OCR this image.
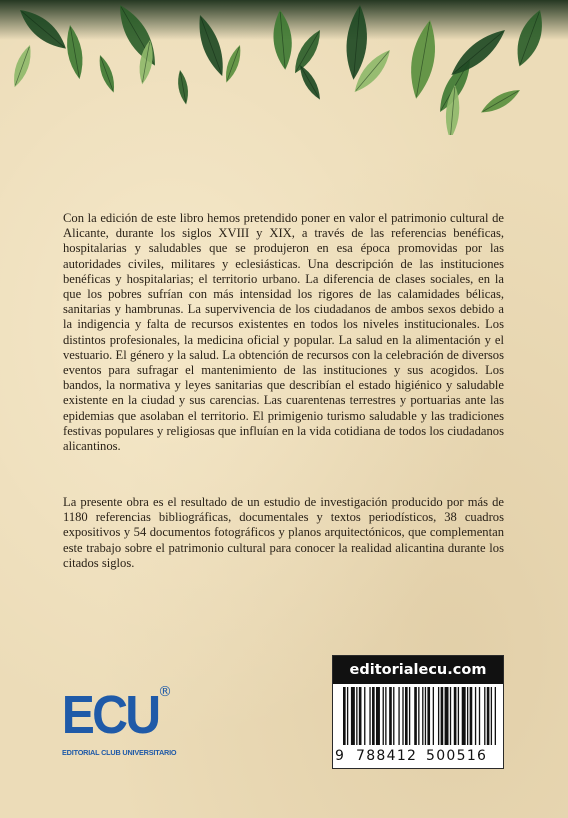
Con la edición de este libro hemos pretendido poner en valor el patrimonio cultural de Alicante, durante los siglos XVIII y XIX, a través de las referencias benéficas, hospitalarias y saludables que se produjeron en esa época promovidas por las autoridades civiles, militares y eclesiásticas. Una descripción de las instituciones benéficas y hospitalarias; el territorio urbano. La diferencia de clases sociales, en la que los pobres sufrían con más intensidad los rigores de las calamidades bélicas, sanitarias y hambrunas. La supervivencia de los ciudadanos de ambos sexos debido a la indigencia y falta de recursos existentes en todos los niveles institucionales. Los distintos profesionales, la medicina oficial y popular. La salud en la alimentación y el vestuario. El género y la salud. La obtención de recursos con la celebración de diversos eventos para sufragar el mantenimiento de las instituciones y sus acogidos. Los bandos, la normativa y leyes sanitarias que describían el estado higiénico y saludable existente en la ciudad y sus carencias. Las cuarentenas terrestres y portuarias ante las epidemias que asolaban el territorio. El primigenio turismo saludable y las tradiciones festivas populares y religiosas que influían en la vida cotidiana de todos los ciudadanos alicantinos.

La presente obra es el resultado de un estudio de investigación producido por más de 1180 referencias bibliográficas, documentales y textos periodísticos, 38 cuadros expositivos y 54 documentos fotográficos y planos arquitectónicos, que complementan este trabajo sobre el patrimonio cultural para conocer la realidad alicantina durante los citados siglos.

ECU ®
EDITORIAL CLUB UNIVERSITARIO
editorialecu.com
9 788412 500516
